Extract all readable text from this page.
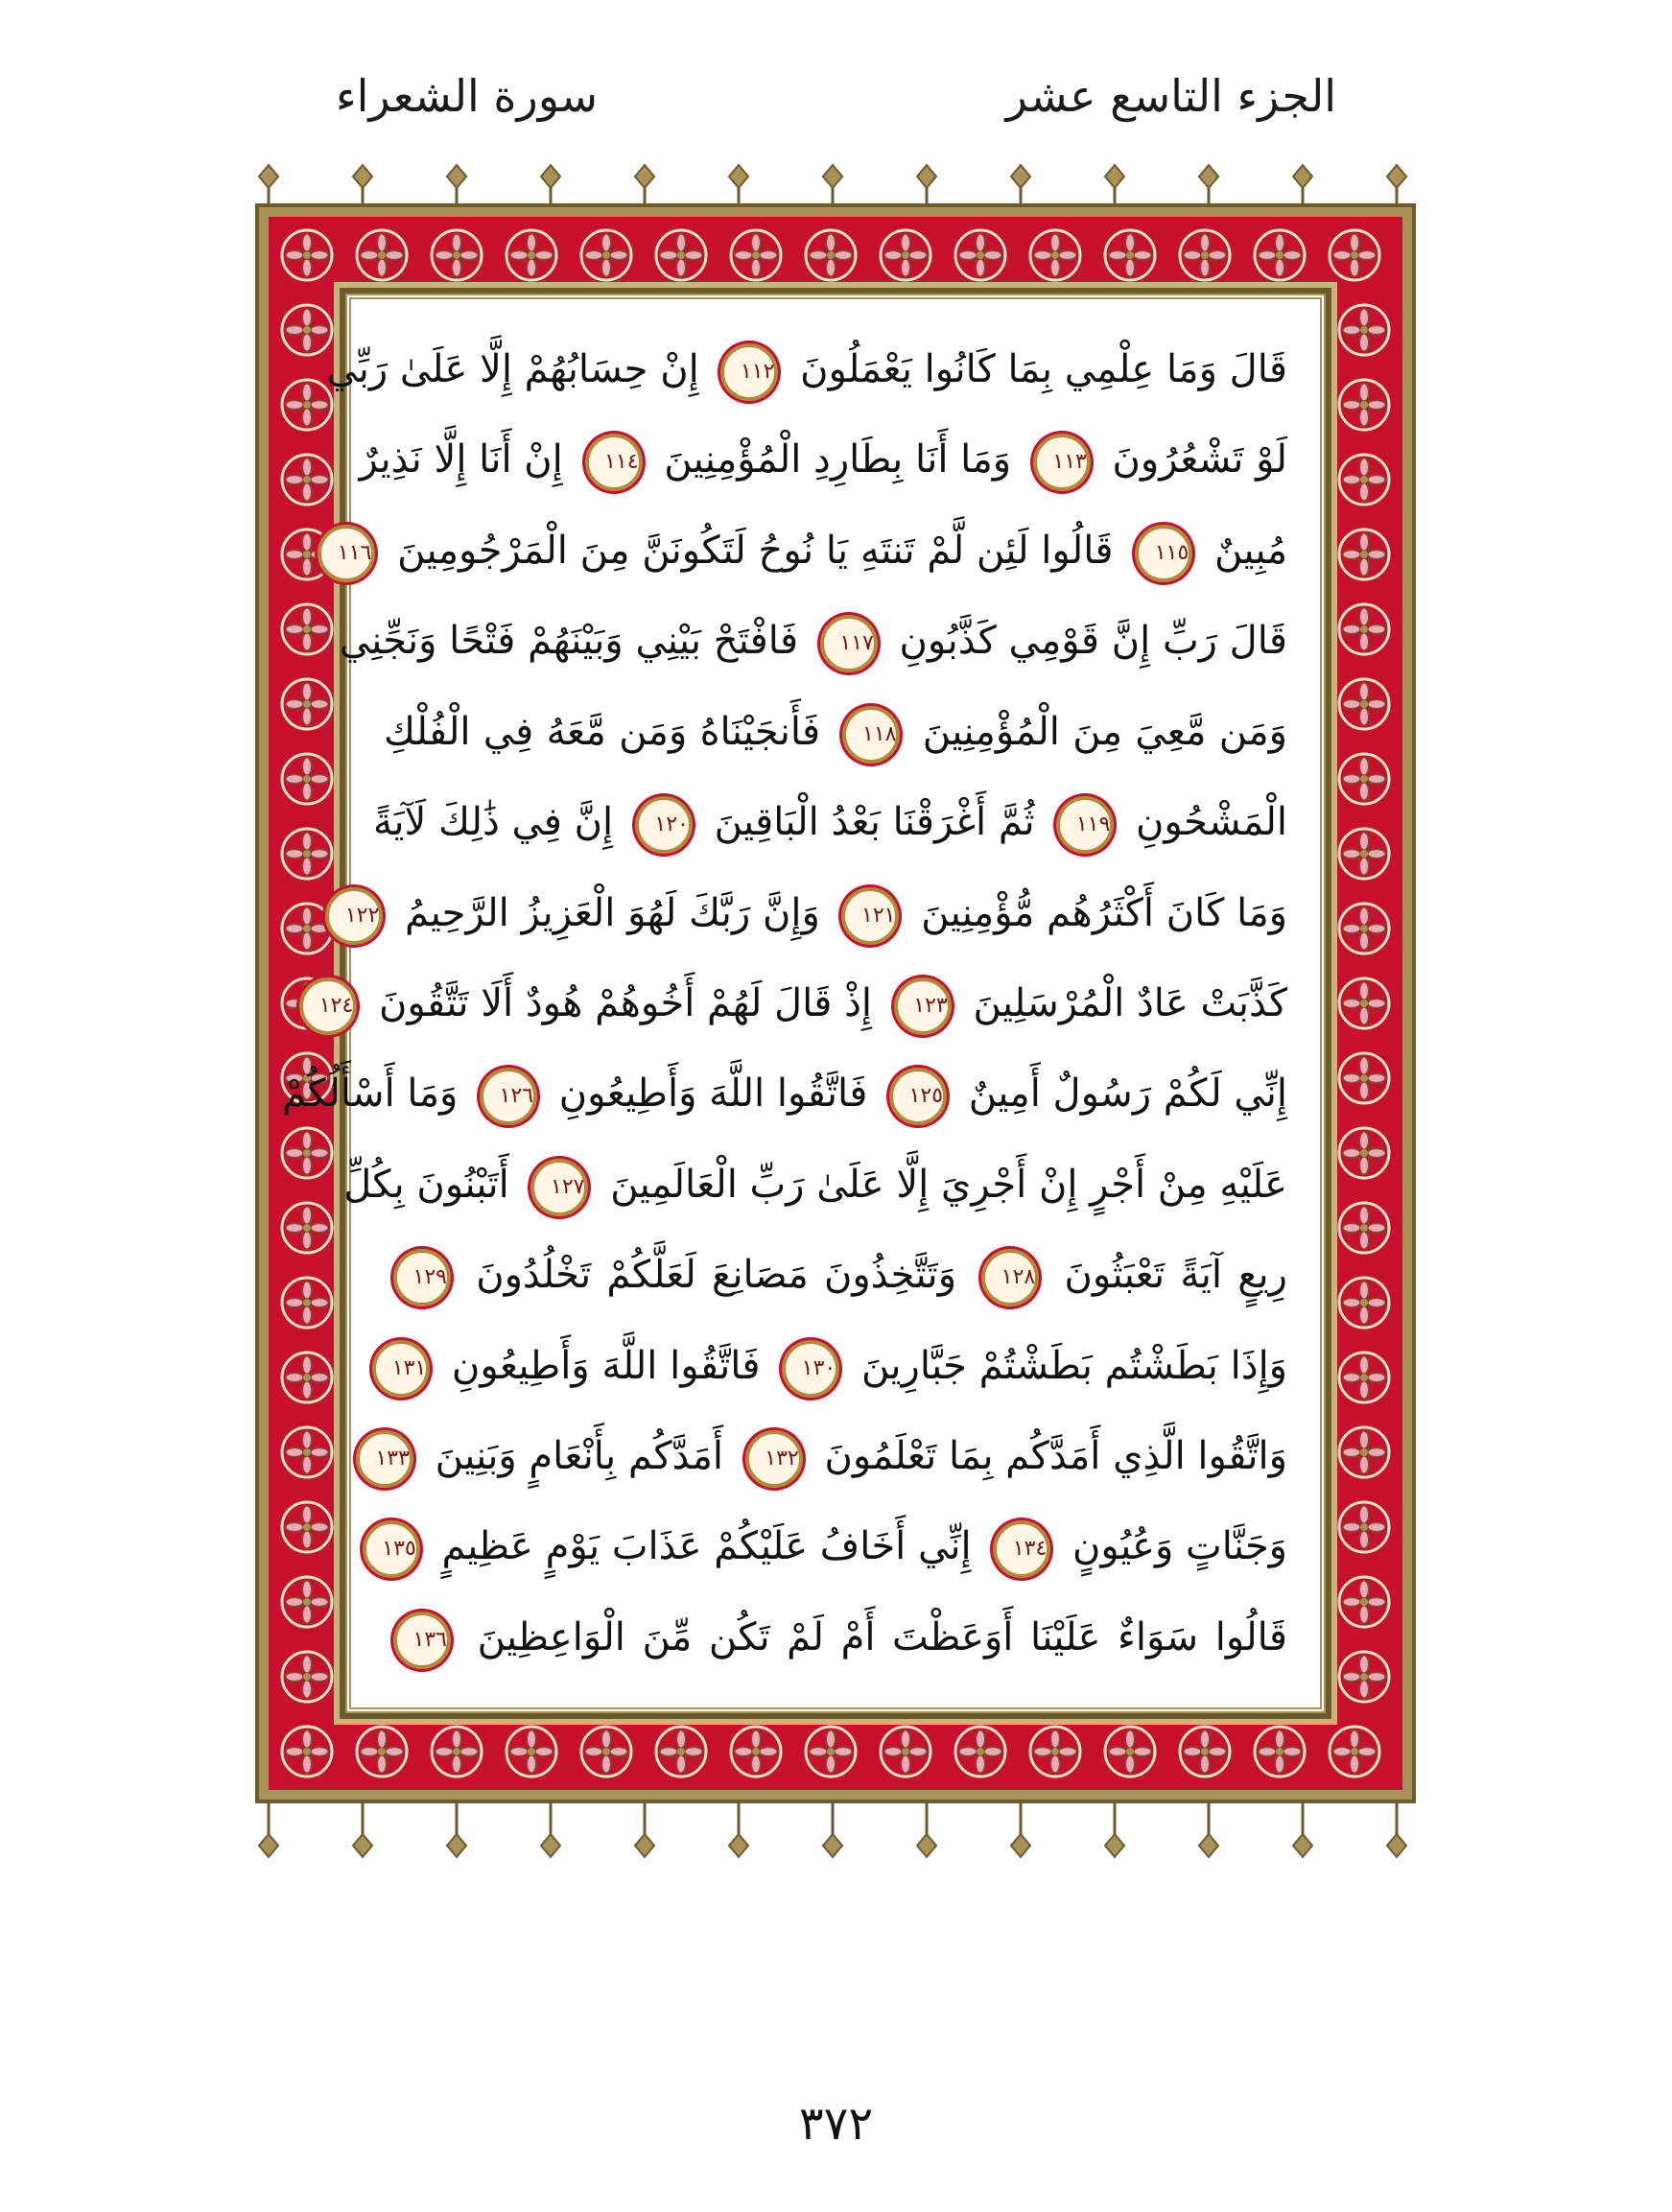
الجزء التاسع عشر
سورة الشعراء
قَالَ وَمَا عِلْمِي بِمَا كَانُوا يَعْمَلُونَ ١١٢ إِنْ حِسَابُهُمْ إِلَّا عَلَىٰ رَبِّي
لَوْ تَشْعُرُونَ ١١٣ وَمَا أَنَا بِطَارِدِ الْمُؤْمِنِينَ ١١٤ إِنْ أَنَا إِلَّا نَذِيرٌ
مُبِينٌ ١١٥ قَالُوا لَئِن لَّمْ تَنتَهِ يَا نُوحُ لَتَكُونَنَّ مِنَ الْمَرْجُومِينَ ١١٦
قَالَ رَبِّ إِنَّ قَوْمِي كَذَّبُونِ ١١٧ فَافْتَحْ بَيْنِي وَبَيْنَهُمْ فَتْحًا وَنَجِّنِي
وَمَن مَّعِيَ مِنَ الْمُؤْمِنِينَ ١١٨ فَأَنجَيْنَاهُ وَمَن مَّعَهُ فِي الْفُلْكِ
الْمَشْحُونِ ١١٩ ثُمَّ أَغْرَقْنَا بَعْدُ الْبَاقِينَ ١٢٠ إِنَّ فِي ذَٰلِكَ لَآيَةً
وَمَا كَانَ أَكْثَرُهُم مُّؤْمِنِينَ ١٢١ وَإِنَّ رَبَّكَ لَهُوَ الْعَزِيزُ الرَّحِيمُ ١٢٢
كَذَّبَتْ عَادٌ الْمُرْسَلِينَ ١٢٣ إِذْ قَالَ لَهُمْ أَخُوهُمْ هُودٌ أَلَا تَتَّقُونَ ١٢٤
إِنِّي لَكُمْ رَسُولٌ أَمِينٌ ١٢٥ فَاتَّقُوا اللَّهَ وَأَطِيعُونِ ١٢٦ وَمَا أَسْأَلُكُمْ
عَلَيْهِ مِنْ أَجْرٍ إِنْ أَجْرِيَ إِلَّا عَلَىٰ رَبِّ الْعَالَمِينَ ١٢٧ أَتَبْنُونَ بِكُلِّ
رِيعٍ آيَةً تَعْبَثُونَ ١٢٨ وَتَتَّخِذُونَ مَصَانِعَ لَعَلَّكُمْ تَخْلُدُونَ ١٢٩
وَإِذَا بَطَشْتُم بَطَشْتُمْ جَبَّارِينَ ١٣٠ فَاتَّقُوا اللَّهَ وَأَطِيعُونِ ١٣١
وَاتَّقُوا الَّذِي أَمَدَّكُم بِمَا تَعْلَمُونَ ١٣٢ أَمَدَّكُم بِأَنْعَامٍ وَبَنِينَ ١٣٣
وَجَنَّاتٍ وَعُيُونٍ ١٣٤ إِنِّي أَخَافُ عَلَيْكُمْ عَذَابَ يَوْمٍ عَظِيمٍ ١٣٥
قَالُوا سَوَاءٌ عَلَيْنَا أَوَعَظْتَ أَمْ لَمْ تَكُن مِّنَ الْوَاعِظِينَ ١٣٦
٣٧٢
